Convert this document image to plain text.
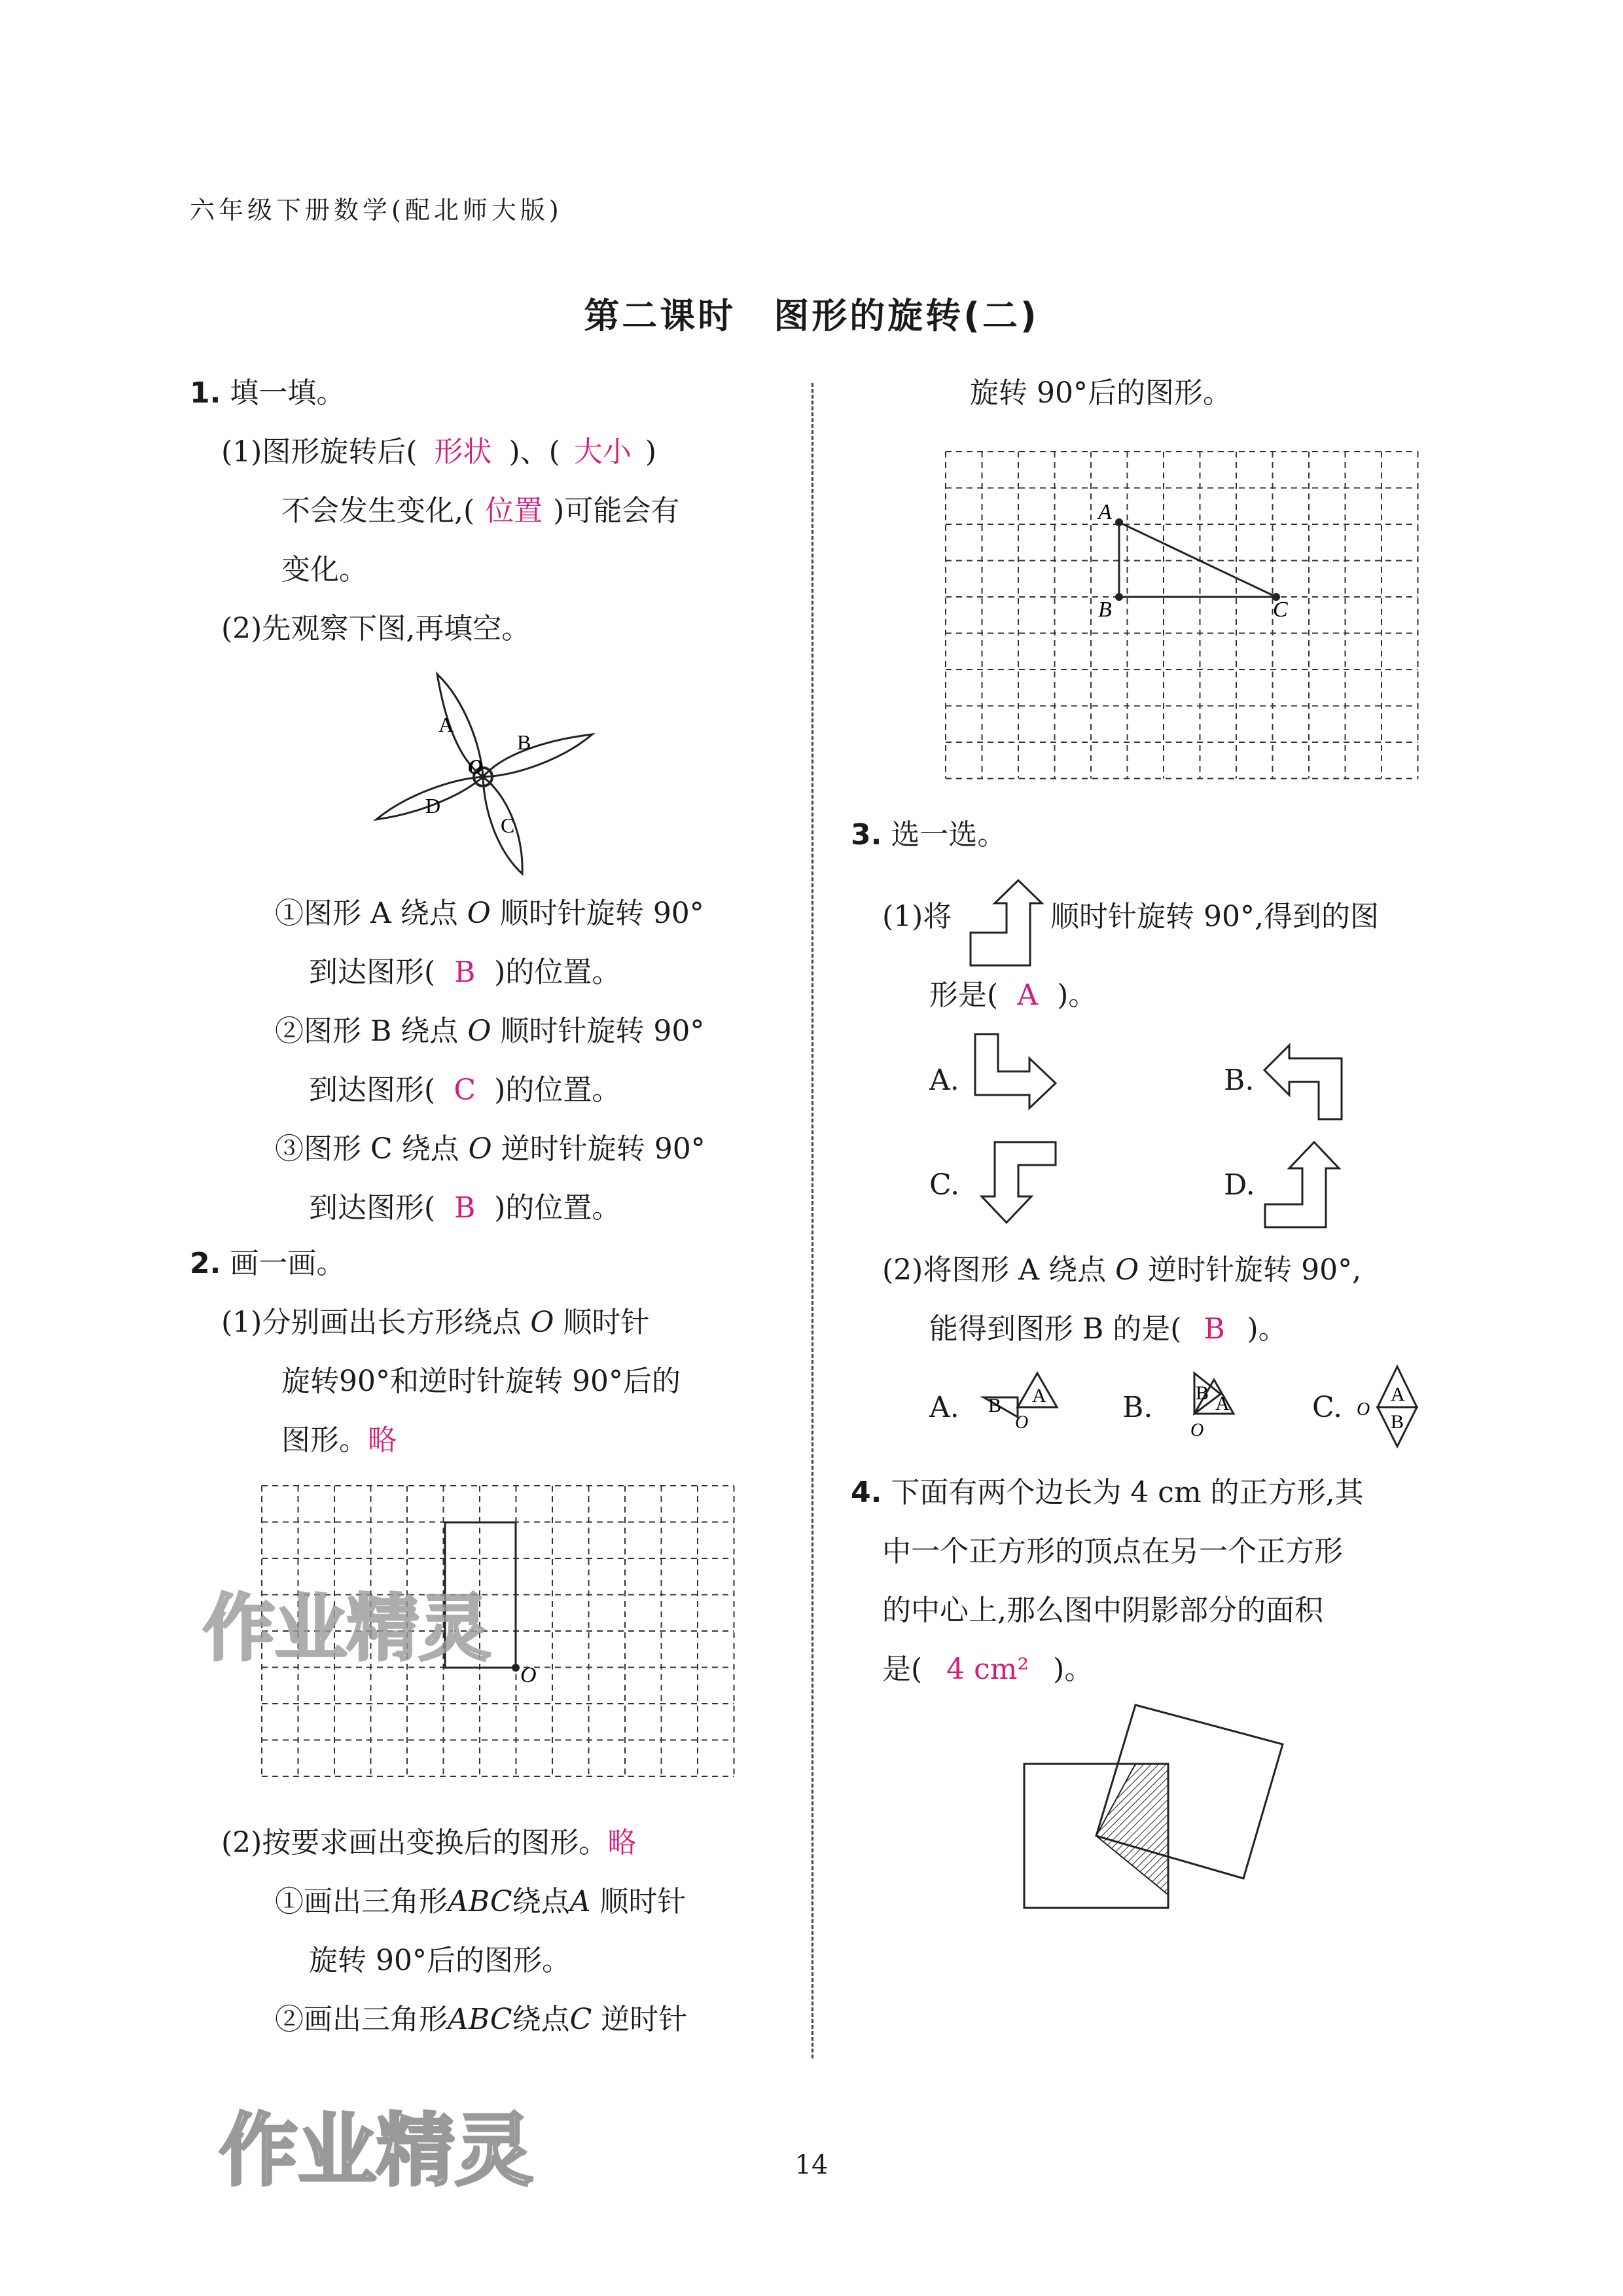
六年级下册数学(配北师大版)
第二课时　图形的旋转(二)
1. 填一填。
(1)图形旋转后( 形状 )、( 大小 )
不会发生变化,( 位置 )可能会有
变化。
(2)先观察下图,再填空。
A
B
C
D
O
①图形 A 绕点 O 顺时针旋转 90°
到达图形( B )的位置。
②图形 B 绕点 O 顺时针旋转 90°
到达图形( C )的位置。
③图形 C 绕点 O 逆时针旋转 90°
到达图形( B )的位置。
2. 画一画。
(1)分别画出长方形绕点 O 顺时针
旋转90°和逆时针旋转 90°后的
图形。略
O
(2)按要求画出变换后的图形。略
①画出三角形ABC绕点A 顺时针
旋转 90°后的图形。
②画出三角形ABC绕点C 逆时针
旋转 90°后的图形。
A
B	C
3. 选一选。
(1)将	顺时针旋转 90°,得到的图
形是( A )。
A.	B.
C.	D.
(2)将图形 A 绕点 O 逆时针旋转 90°,
能得到图形 B 的是( B )。
A.	A
B
O	B. B A
O
C. A
B
O
4. 下面有两个边长为 4 cm 的正方形,其
中一个正方形的顶点在另一个正方形
的中心上,那么图中阴影部分的面积
是( 4 cm² )。
14
作业精灵
作业精灵
